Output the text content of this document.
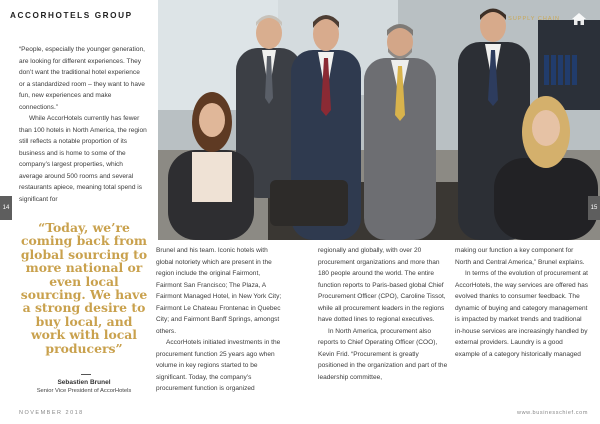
ACCORHOTELS GROUP	SUPPLY CHAIN
14	15

“People, especially the younger generation, are looking for different experiences. They don’t want the traditional hotel experience or a standardized room – they want to have fun, new experiences and make connections.”

While AccorHotels currently has fewer than 100 hotels in North America, the region still reflects a notable proportion of its business and is home to some of the company’s largest properties, which average around 500 rooms and several restaurants apiece, meaning total spend is significant for

“Today, we’re coming back from global sourcing to more national or even local sourcing. We have a strong desire to buy local, and work with local producers”
Sebastien Brunel
Senior Vice President of AccorHotels

Brunel and his team. Iconic hotels with global notoriety which are present in the region include the original Fairmont, Fairmont San Francisco; The Plaza, A Fairmont Managed Hotel, in New York City; Fairmont Le Chateau Frontenac in Quebec City; and Fairmont Banff Springs, amongst others.

AccorHotels initiated investments in the procurement function 25 years ago when volume in key regions started to be significant. Today, the company’s procurement function is organized

regionally and globally, with over 20 procurement organizations and more than 180 people around the world. The entire function reports to Paris-based global Chief Procurement Officer (CPO), Caroline Tissot, while all procurement leaders in the regions have dotted lines to regional executives.

In North America, procurement also reports to Chief Operating Officer (COO), Kevin Frid. “Procurement is greatly positioned in the organization and part of the leadership committee,

making our function a key component for North and Central America,” Brunel explains.

In terms of the evolution of procurement at AccorHotels, the way services are offered has evolved thanks to consumer feedback. The dynamic of buying and category management is impacted by market trends and traditional in-house services are increasingly handled by external providers. Laundry is a good example of a category historically managed

NOVEMBER 2018	www.businesschief.com
